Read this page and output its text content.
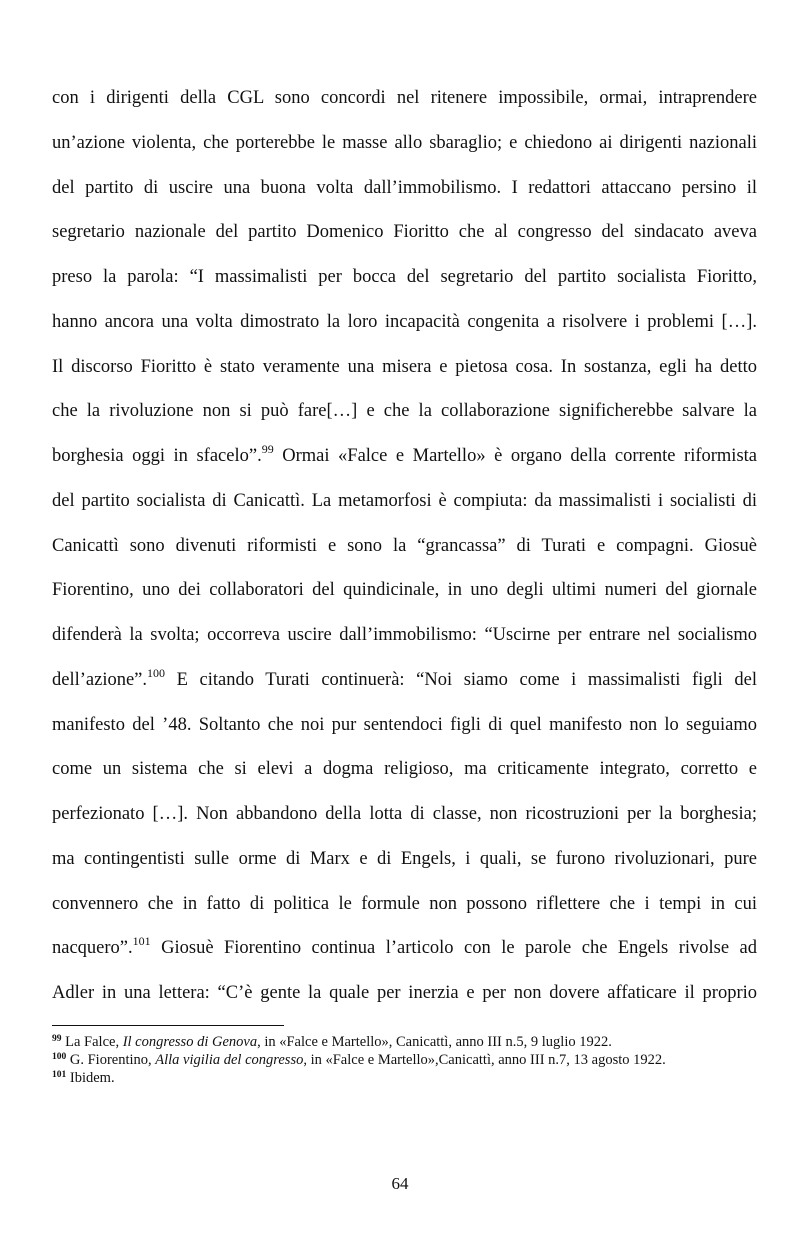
con i dirigenti della CGL sono concordi nel ritenere impossibile, ormai, intraprendere
un’azione violenta, che porterebbe le masse allo sbaraglio; e chiedono ai dirigenti nazionali
del partito di uscire una buona volta dall’immobilismo. I redattori attaccano persino il
segretario nazionale del partito Domenico Fioritto che al congresso del sindacato aveva
preso la parola: “I massimalisti per bocca del segretario del partito socialista Fioritto,
hanno ancora una volta dimostrato la loro incapacità congenita a risolvere i problemi […].
Il discorso Fioritto è stato veramente una misera e pietosa cosa. In sostanza, egli ha detto
che la rivoluzione non si può fare[…] e che la collaborazione significherebbe salvare la
borghesia oggi in sfacelo”.$^{99}$ Ormai «Falce e Martello» è organo della corrente riformista
del partito socialista di Canicattì. La metamorfosi è compiuta: da massimalisti i socialisti di
Canicattì sono divenuti riformisti e sono la “grancassa” di Turati e compagni. Giosuè
Fiorentino, uno dei collaboratori del quindicinale, in uno degli ultimi numeri del giornale
difenderà la svolta; occorreva uscire dall’immobilismo: “Uscirne per entrare nel socialismo
dell’azione”.$^{100}$ E citando Turati continuerà: “Noi siamo come i massimalisti figli del
manifesto del ’48. Soltanto che noi pur sentendoci figli di quel manifesto non lo seguiamo
come un sistema che si elevi a dogma religioso, ma criticamente integrato, corretto e
perfezionato […]. Non abbandono della lotta di classe, non ricostruzioni per la borghesia;
ma contingentisti sulle orme di Marx e di Engels, i quali, se furono rivoluzionari, pure
convennero che in fatto di politica le formule non possono riflettere che i tempi in cui
nacquero”.$^{101}$ Giosuè Fiorentino continua l’articolo con le parole che Engels rivolse ad
Adler in una lettera: “C’è gente la quale per inerzia e per non dovere affaticare il proprio
$^{99}$ La Falce, Il congresso di Genova, in «Falce e Martello», Canicattì, anno III n.5, 9 luglio 1922.
$^{100}$ G. Fiorentino, Alla vigilia del congresso, in «Falce e Martello»,Canicattì, anno III n.7, 13 agosto 1922.
$^{101}$ Ibidem.
64
